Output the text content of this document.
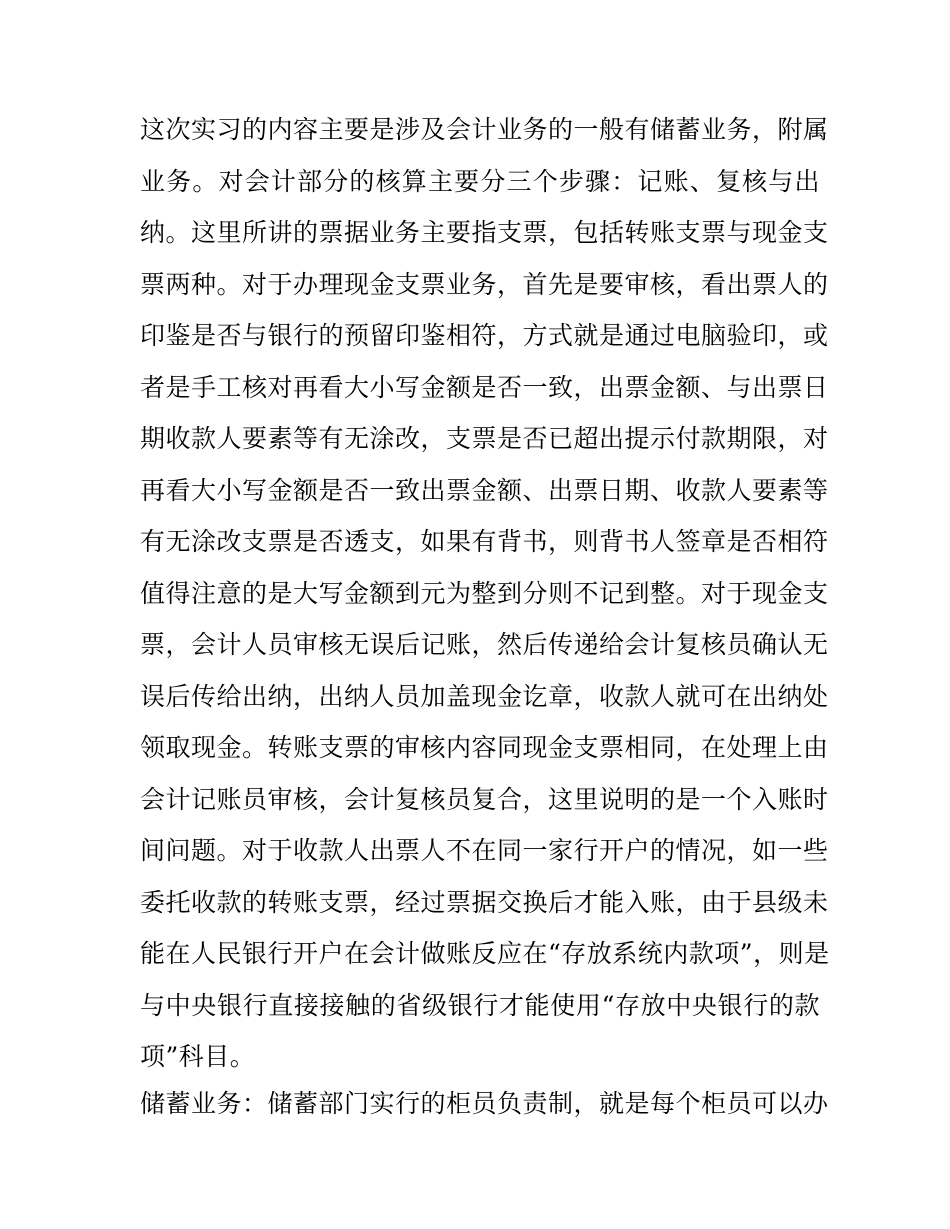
这次实习的内容主要是涉及会计业务的一般有储蓄业务，附属
业务。对会计部分的核算主要分三个步骤：记账、复核与出
纳。这里所讲的票据业务主要指支票，包括转账支票与现金支
票两种。对于办理现金支票业务，首先是要审核，看出票人的
印鉴是否与银行的预留印鉴相符，方式就是通过电脑验印，或
者是手工核对再看大小写金额是否一致，出票金额、与出票日
期收款人要素等有无涂改，支票是否已超出提示付款期限，对
再看大小写金额是否一致出票金额、出票日期、收款人要素等
有无涂改支票是否透支，如果有背书，则背书人签章是否相符
值得注意的是大写金额到元为整到分则不记到整。对于现金支
票，会计人员审核无误后记账，然后传递给会计复核员确认无
误后传给出纳，出纳人员加盖现金讫章，收款人就可在出纳处
领取现金。转账支票的审核内容同现金支票相同，在处理上由
会计记账员审核，会计复核员复合，这里说明的是一个入账时
间问题。对于收款人出票人不在同一家行开户的情况，如一些
委托收款的转账支票，经过票据交换后才能入账，由于县级未
能在人民银行开户在会计做账反应在“存放系统内款项”，则是
与中央银行直接接触的省级银行才能使用“存放中央银行的款
项”科目。
储蓄业务：储蓄部门实行的柜员负责制，就是每个柜员可以办
